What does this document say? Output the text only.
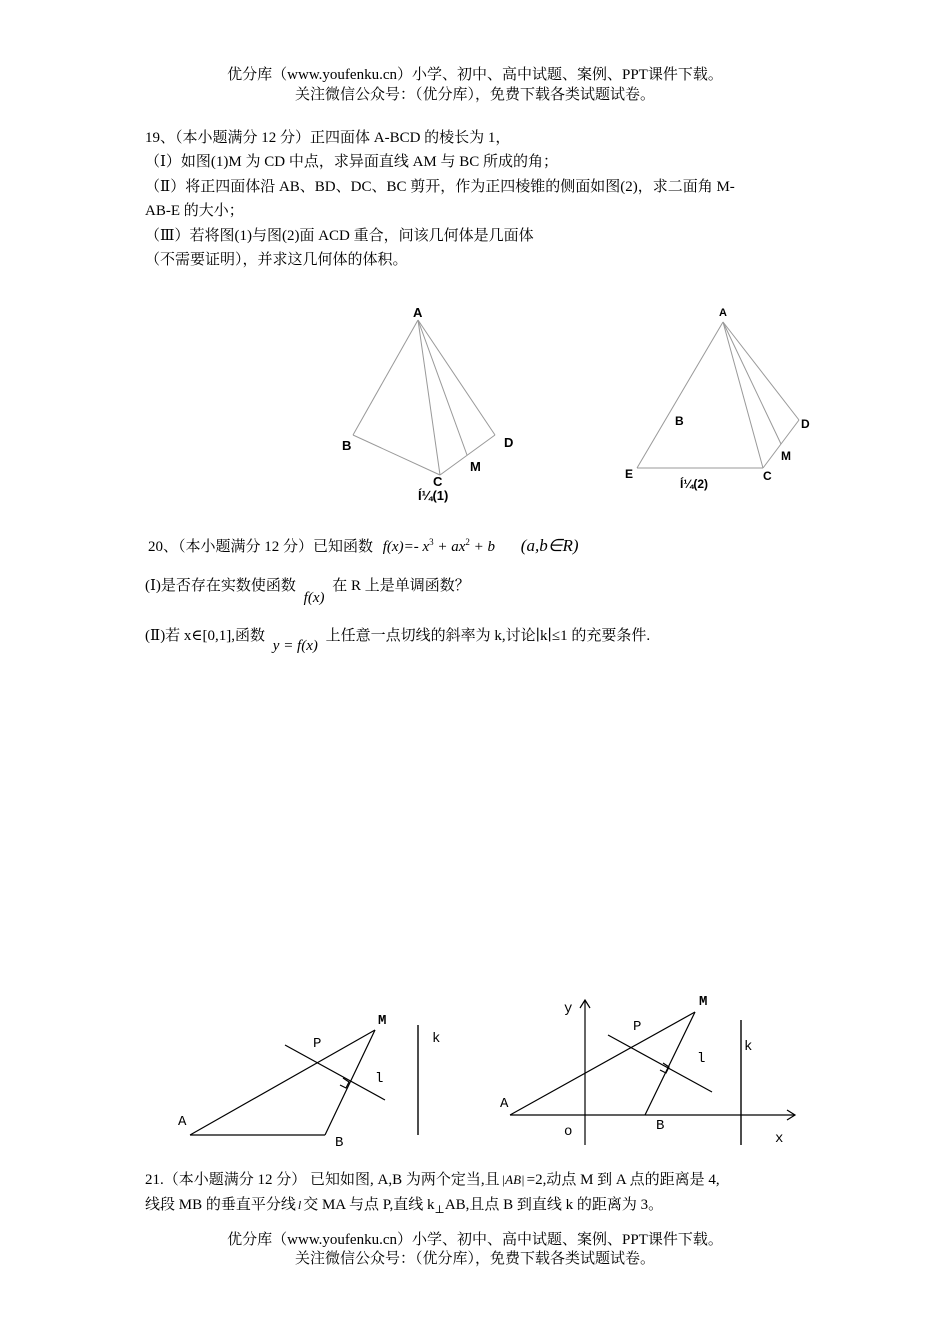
优分库（www.youfenku.cn）小学、初中、高中试题、案例、PPT课件下载。
关注微信公众号：（优分库），免费下载各类试题试卷。
19、（本小题满分 12 分）正四面体 A-BCD 的棱长为 1，
（Ⅰ）如图(1)M 为 CD 中点，求异面直线 AM 与 BC 所成的角；
（Ⅱ）将正四面体沿 AB、BD、DC、BC 剪开，作为正四棱锥的侧面如图(2)，求二面角 M-
AB-E 的大小；
（Ⅲ）若将图(1)与图(2)面 ACD 重合，问该几何体是几面体
（不需要证明），并求这几何体的体积。
A
B
C
D
M
Í¼(1)
A
B
C
D
E
M
Í¼(2)
20、（本小题满分 12 分）已知函数 f(x)=- $x^3 + ax^2 + b$ (a,b∈R)
(Ⅰ)是否存在实数使函数 f(x) 在 R 上是单调函数？
(Ⅱ)若 x∈[0,1],函数 y = f(x) 上任意一点切线的斜率为 k,讨论∣k∣≤1 的充要条件.
A
B
M
P
l
k
y
A
o	B
M
P
l
k
x
21.（本小题满分 12 分） 已知如图, A,B 为两个定当,且 |AB| =2,动点 M 到 A 点的距离是 4,
线段 MB 的垂直平分线 l 交 MA 与点 P,直线 $k_\perp AB$,且点 B 到直线 k 的距离为 3。
优分库（www.youfenku.cn）小学、初中、高中试题、案例、PPT课件下载。
关注微信公众号：（优分库），免费下载各类试题试卷。
